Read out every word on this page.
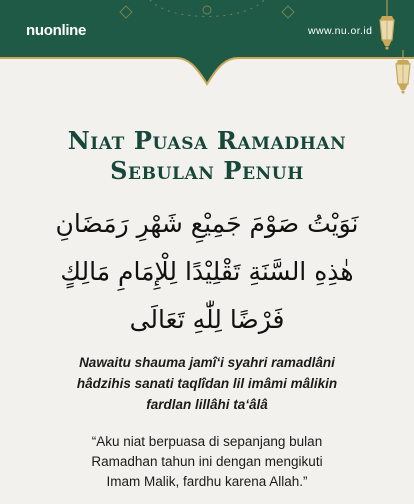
nuonline	www.nu.or.id
Niat Puasa Ramadhan
Sebulan Penuh
نَوَيْتُ صَوْمَ جَمِيْعِ شَهْرِ رَمَضَانِ
هٰذِهِ السَّنَةِ تَقْلِيْدًا لِلْإِمَامِ مَالِكٍ
فَرْضًا لِلّٰهِ تَعَالَى
Nawaitu shauma jamî‘i syahri ramadlâni
hâdzihis sanati taqlîdan lil imâmi mâlikin
fardlan lillâhi ta‘âlâ
“Aku niat berpuasa di sepanjang bulan
Ramadhan tahun ini dengan mengikuti
Imam Malik, fardhu karena Allah.”
